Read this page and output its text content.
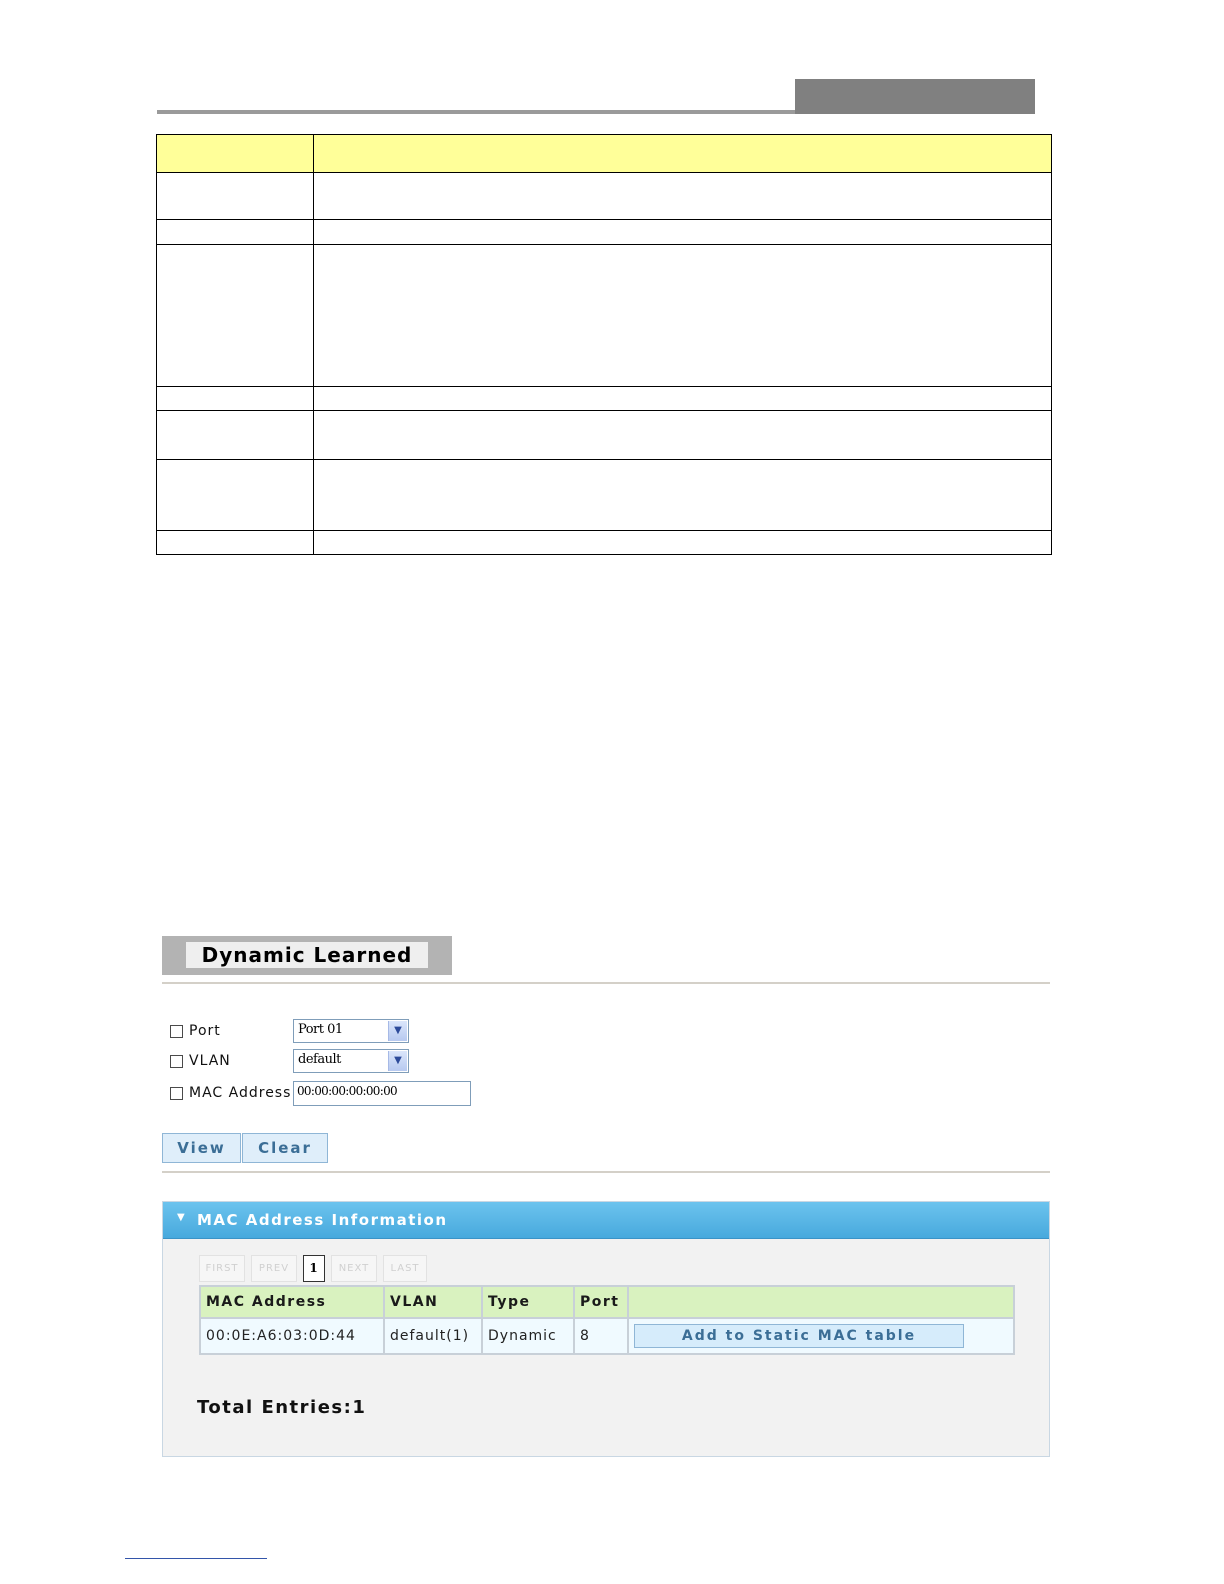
Dynamic Learned
Port	Port 01	▼
VLAN	default	▼
MAC Address 00:00:00:00:00:00
View	Clear
▼ MAC Address Information
FIRST	PREV	1	NEXT	LAST
MAC Address	VLAN	Type	Port	
00:0E:A6:03:0D:44	default(1)	Dynamic	8	Add to Static MAC table
Total Entries:1
